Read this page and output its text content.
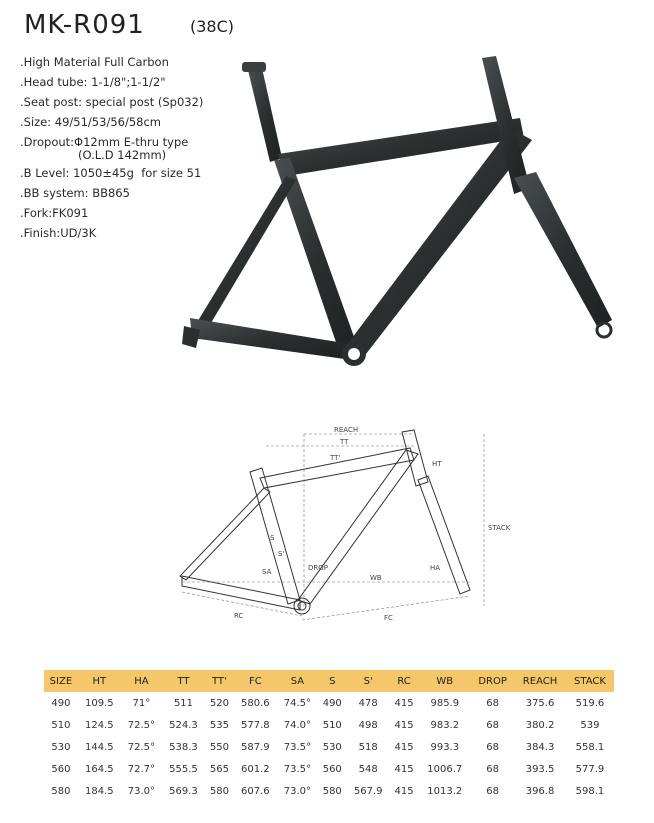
MK-R091	(38C)
.High Material Full Carbon
.Head tube: 1-1/8";1-1/2"
.Seat post: special post (Sp032)
.Size: 49/51/53/56/58cm
.Dropout:Φ12mm E-thru type
(O.L.D 142mm)
.B Level: 1050±45g  for size 51
.BB system: BB865
.Fork:FK091
.Finish:UD/3K
REACH
TT
TT'
HT
STACK
S
S'
SA	HA
DROP
WB
RC	FC
SIZE	HT	HA	TT	TT'	FC	SA	S	S'	RC	WB	DROP	REACH	STACK
490	109.5	71°	511	520	580.6	74.5°	490	478	415	985.9	68	375.6	519.6
510	124.5	72.5°	524.3	535	577.8	74.0°	510	498	415	983.2	68	380.2	539
530	144.5	72.5°	538.3	550	587.9	73.5°	530	518	415	993.3	68	384.3	558.1
560	164.5	72.7°	555.5	565	601.2	73.5°	560	548	415	1006.7	68	393.5	577.9
580	184.5	73.0°	569.3	580	607.6	73.0°	580	567.9	415	1013.2	68	396.8	598.1
